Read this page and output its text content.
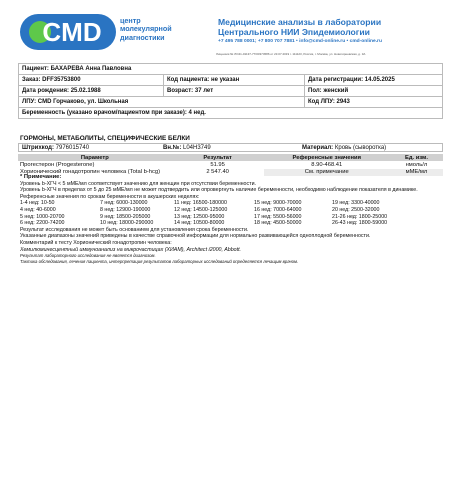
CMD	центр
молекулярной
диагностики
Медицинские анализы в лаборатории
Центрального НИИ Эпидемиологии
+7 495 788 0001; +7 800 707 7881 • info@cmd-online.ru • cmd-online.ru
Лицензия № ЛО41-01137-77/00374586 от 23.07.2019 г. 111123, Россия, г. Москва, ул. Новогиреевская, д. 3А
Пациент: БАХАРЕВА Анна Павловна		
Заказ: DFF35753800	Код пациента: не указан	Дата регистрации: 14.05.2025
Дата рождения: 25.02.1988	Возраст: 37 лет	Пол: женский
ЛПУ: CMD Горчаково, ул. Школьная		Код ЛПУ: 2943
Беременность (указано врачом/пациентом при заказе): 4 нед.		
ГОРМОНЫ, МЕТАБОЛИТЫ, СПЕЦИФИЧЕСКИЕ БЕЛКИ
Штрихкод: 7976015740	Вн.№: L04H3749	Материал: Кровь (сыворотка)
Параметр	Результат	Референсные значения	Ед. изм.
Прогестерон (Progesterone)	51.95	8.90-468.41	нмоль/л
Хорионический гонадотропин человека (Total b-hcg)	2 547.40	См. примечание	мМЕ/мл

* Примечание:

Уровень b-ХГЧ < 5 мМЕ/мл соответствует значению для женщин при отсутствии беременности.

Уровень b-ХГЧ в пределах от 5 до 25 мМЕ/мл не может подтвердить или опровергнуть наличие беременности, необходимо наблюдение показателя в динамике.

Референсные значения по срокам беременности в акушерских неделях:

1-4 нед: 10-50	7 нед: 6000-130000	11 нед: 16500-180000	15 нед: 9000-70000	19 нед: 3300-40000
4 нед: 40-6000	8 нед: 12900-190000	12 нед: 14500-125000	16 нед: 7000-64000	20 нед: 2500-32000
5 нед: 1000-20700	9 нед: 18500-205000	13 нед: 12500-95000	17 нед: 5500-56000	21-26 нед: 1800-25000
6 нед: 2200-74200	10 нед: 18000-290000	14 нед: 10500-80000	18 нед: 4500-50000	26-43 нед: 1800-59000

Результат исследования не может быть основанием для установления срока беременности.

Указанные диапазоны значений приведены в качестве справочной информации для нормально развивающейся одноплодной беременности.

Комментарий к тесту Хорионический гонадотропин человека:

Хемилюминесцентный иммуноанализ на микрочастицах (ХИАМ), Architect i2000, Abbott.

Результат лабораторного исследования не является диагнозом.

Тактика обследования, лечения пациента, интерпретация результатов лабораторных исследований определяется лечащим врачом.
